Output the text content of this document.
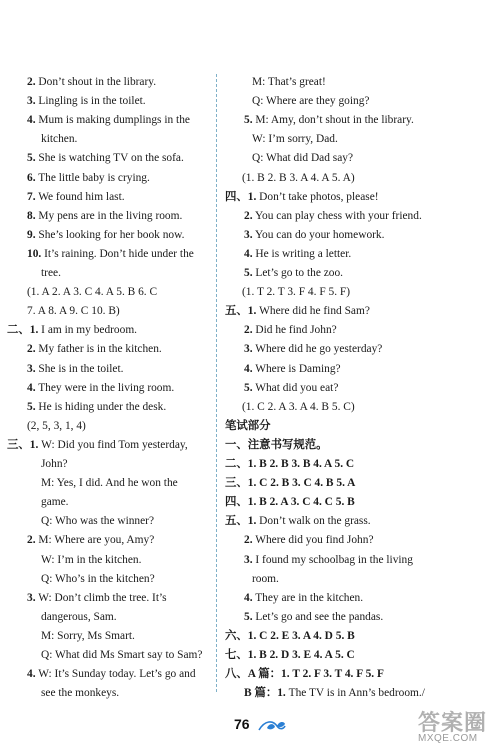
2. Don’t shout in the library.
3. Lingling is in the toilet.
4. Mum is making dumplings in the
kitchen.
5. She is watching TV on the sofa.
6. The little baby is crying.
7. We found him last.
8. My pens are in the living room.
9. She’s looking for her book now.
10. It’s raining. Don’t hide under the
tree.
(1. A 2. A 3. C 4. A 5. B 6. C
7. A 8. A 9. C 10. B)
二、1. I am in my bedroom.
2. My father is in the kitchen.
3. She is in the toilet.
4. They were in the living room.
5. He is hiding under the desk.
(2, 5, 3, 1, 4)
三、1. W: Did you find Tom yesterday,
John?
M: Yes, I did. And he won the
game.
Q: Who was the winner?
2. M: Where are you, Amy?
W: I’m in the kitchen.
Q: Who’s in the kitchen?
3. W: Don’t climb the tree. It’s
dangerous, Sam.
M: Sorry, Ms Smart.
Q: What did Ms Smart say to Sam?
4. W: It’s Sunday today. Let’s go and
see the monkeys.
M: That’s great!
Q: Where are they going?
5. M: Amy, don’t shout in the library.
W: I’m sorry, Dad.
Q: What did Dad say?
(1. B 2. B 3. A 4. A 5. A)
四、1. Don’t take photos, please!
2. You can play chess with your friend.
3. You can do your homework.
4. He is writing a letter.
5. Let’s go to the zoo.
(1. T 2. T 3. F 4. F 5. F)
五、1. Where did he find Sam?
2. Did he find John?
3. Where did he go yesterday?
4. Where is Daming?
5. What did you eat?
(1. C 2. A 3. A 4. B 5. C)
笔试部分
一、注意书写规范。
二、1. B 2. B 3. B 4. A 5. C
三、1. C 2. B 3. C 4. B 5. A
四、1. B 2. A 3. C 4. C 5. B
五、1. Don’t walk on the grass.
2. Where did you find John?
3. I found my schoolbag in the living
room.
4. They are in the kitchen.
5. Let’s go and see the pandas.
六、1. C 2. E 3. A 4. D 5. B
七、1. B 2. D 3. E 4. A 5. C
八、A 篇：1. T 2. F 3. T 4. F 5. F
B 篇：1. The TV is in Ann’s bedroom./
76	答案圈
MXQE.COM
